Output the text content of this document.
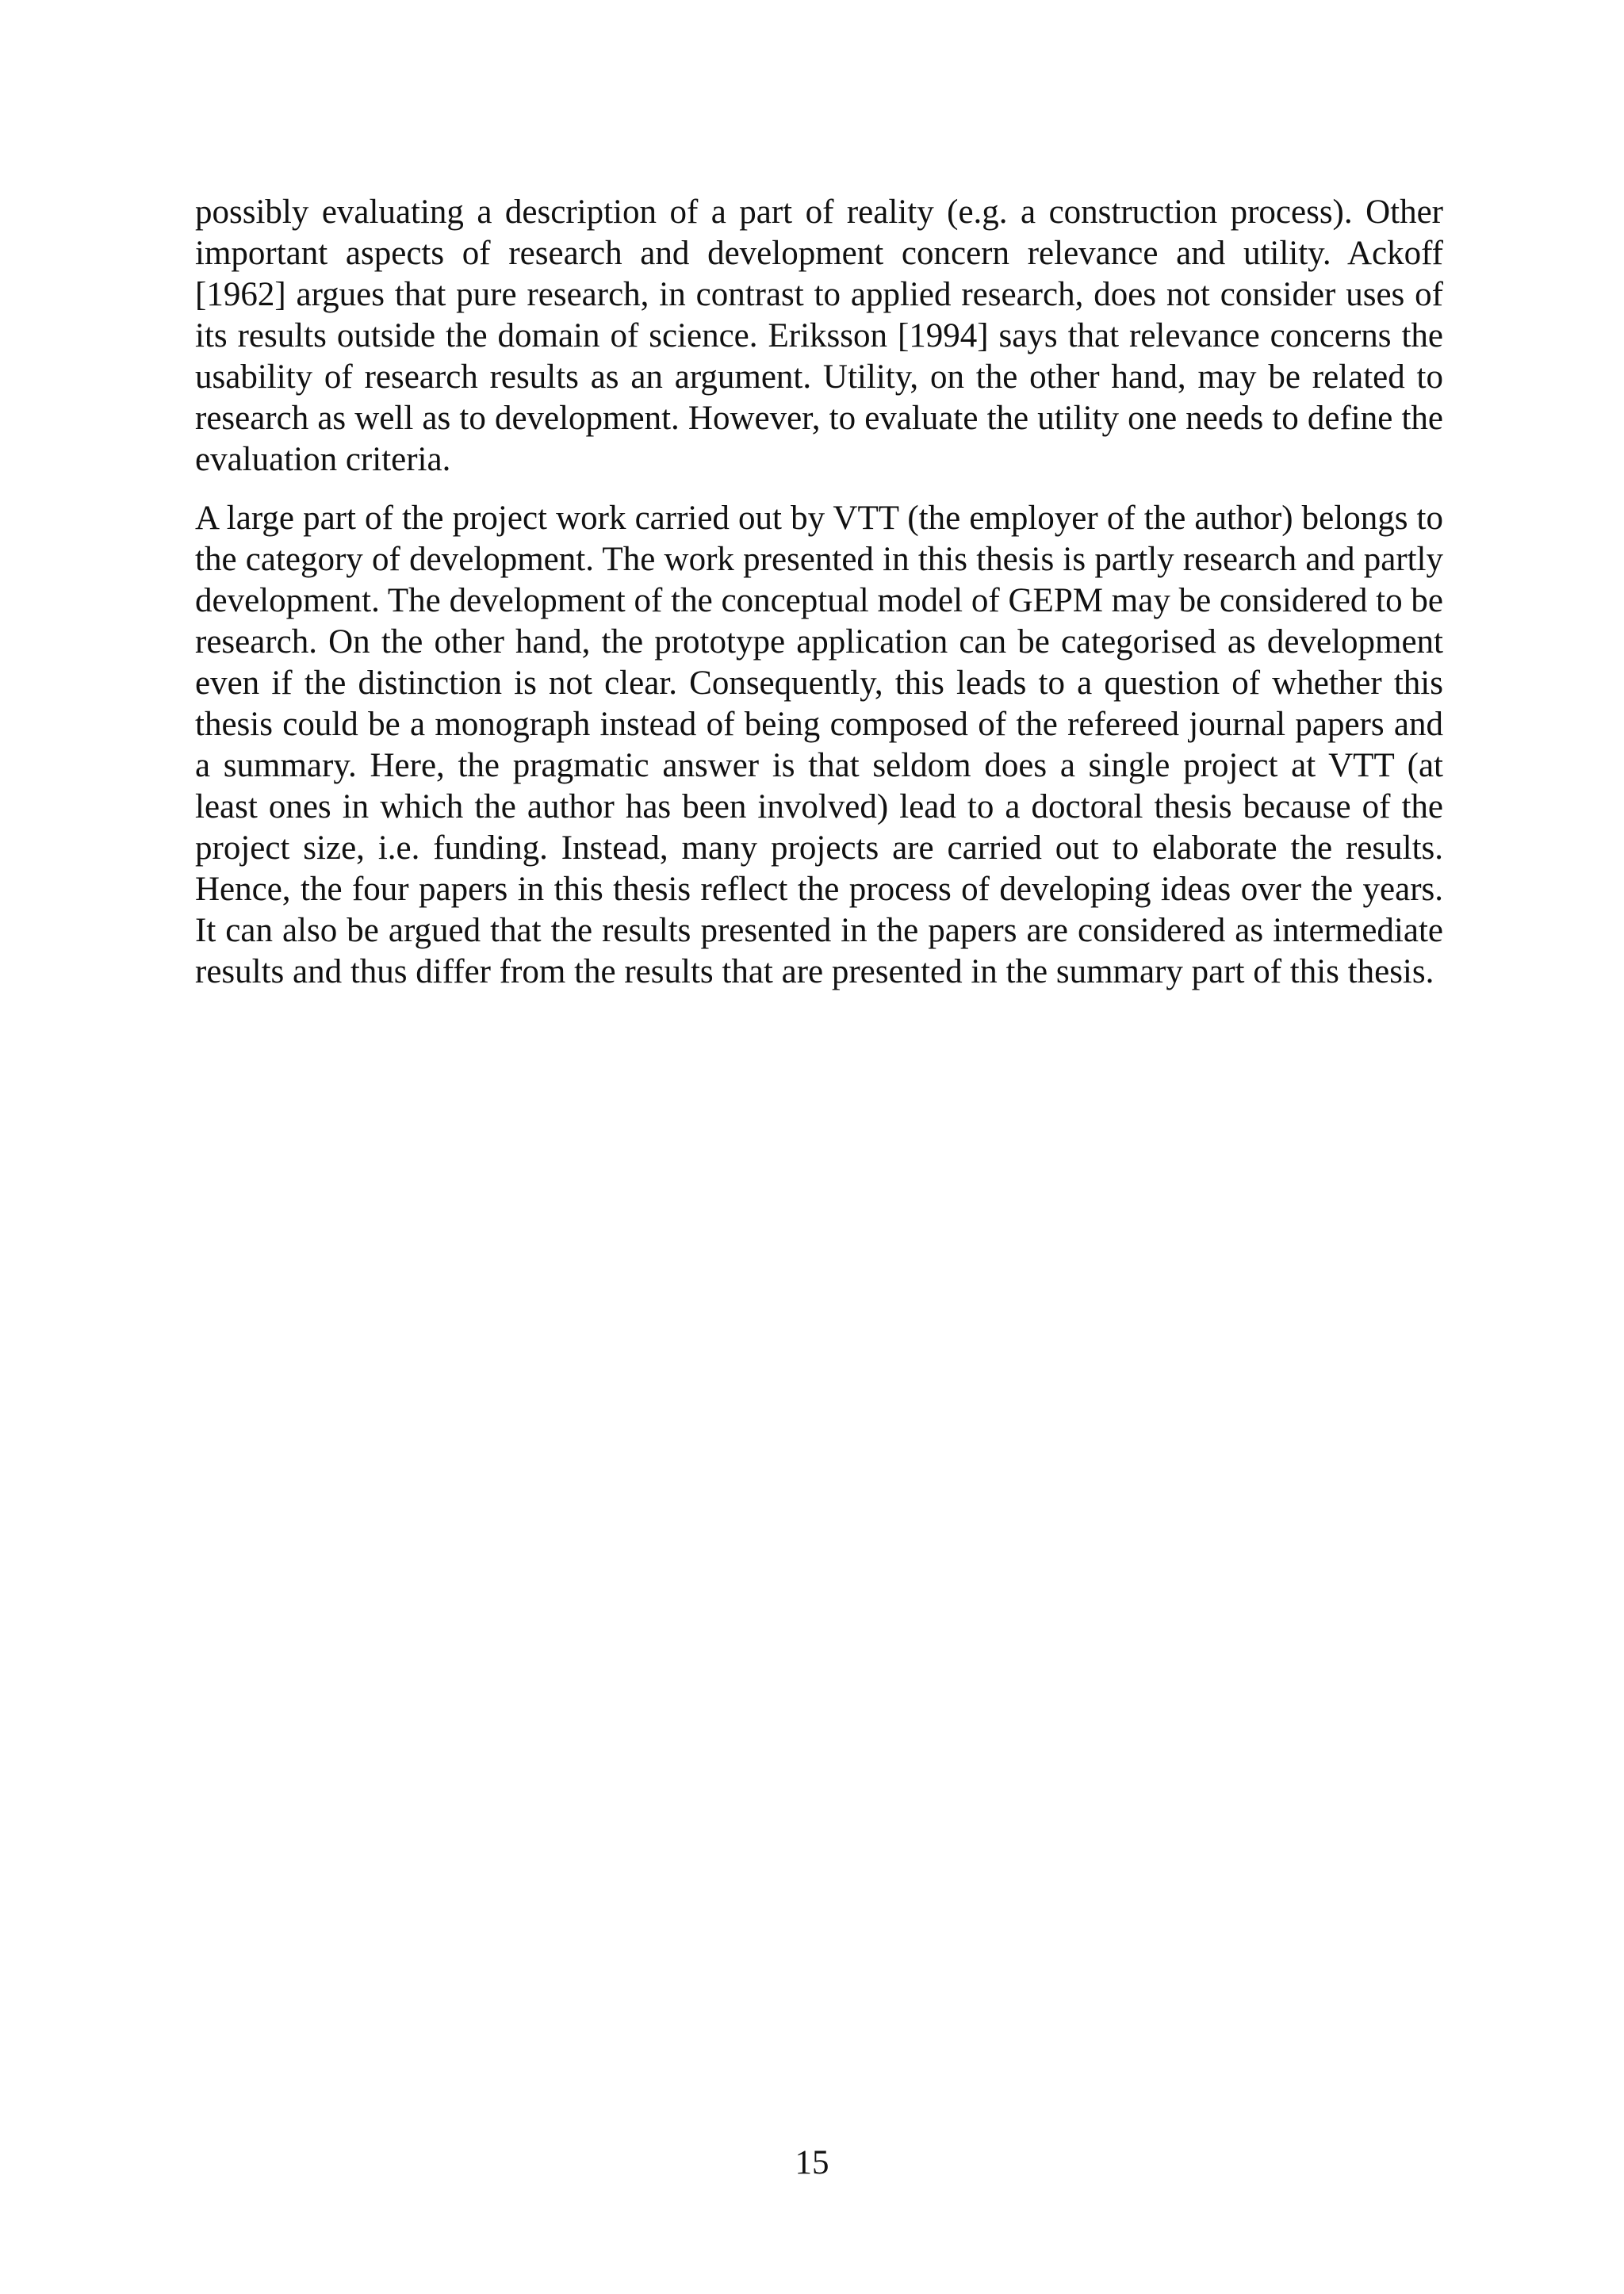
possibly evaluating a description of a part of reality (e.g. a construction process). Other important aspects of research and development concern relevance and utility. Ackoff [1962] argues that pure research, in contrast to applied research, does not consider uses of its results outside the domain of science. Eriksson [1994] says that relevance concerns the usability of research results as an argument. Utility, on the other hand, may be related to research as well as to development. However, to evaluate the utility one needs to define the evaluation criteria.

A large part of the project work carried out by VTT (the employer of the author) belongs to the category of development. The work presented in this thesis is partly research and partly development. The development of the conceptual model of GEPM may be considered to be research. On the other hand, the prototype application can be categorised as development even if the distinction is not clear. Consequently, this leads to a question of whether this thesis could be a monograph instead of being composed of the refereed journal papers and a summary. Here, the pragmatic answer is that seldom does a single project at VTT (at least ones in which the author has been involved) lead to a doctoral thesis because of the project size, i.e. funding. Instead, many projects are carried out to elaborate the results. Hence, the four papers in this thesis reflect the process of developing ideas over the years. It can also be argued that the results presented in the papers are considered as intermediate results and thus differ from the results that are presented in the summary part of this thesis.

15
